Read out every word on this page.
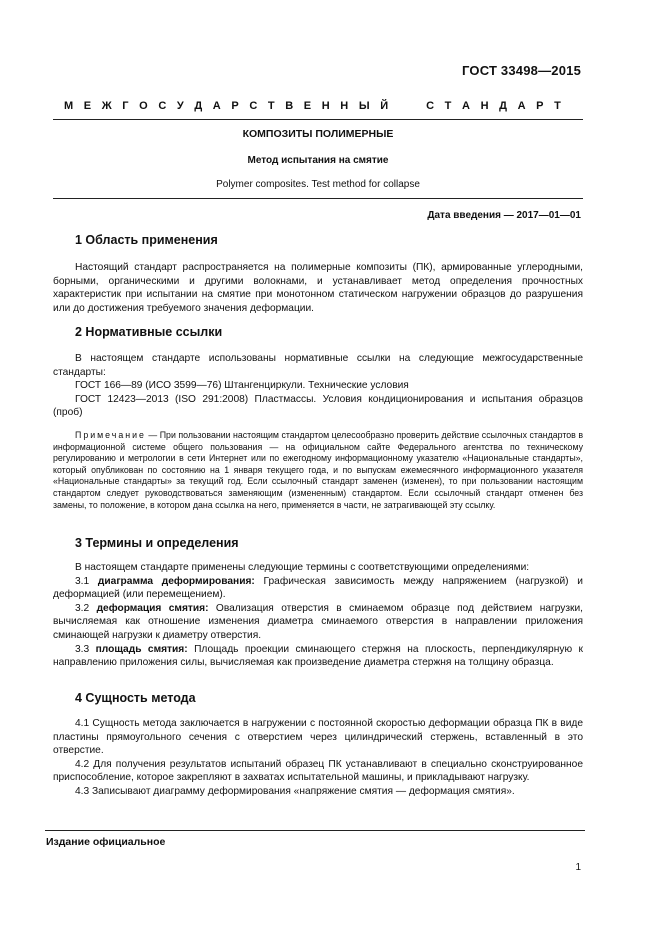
ГОСТ 33498—2015
М Е Ж Г О С У Д А Р С Т В Е Н Н Ы Й

	С Т А Н Д А Р Т
КОМПОЗИТЫ ПОЛИМЕРНЫЕ
Метод испытания на смятие
Polymer composites. Test method for collapse
Дата введения — 2017—01—01
1 Область применения

Настоящий стандарт распространяется на полимерные композиты (ПК), армированные углеродными, борными, органическими и другими волокнами, и устанавливает метод определения прочностных характеристик при испытании на смятие при монотонном статическом нагружении образцов до разрушения или до достижения требуемого значения деформации.

2 Нормативные ссылки

В настоящем стандарте использованы нормативные ссылки на следующие межгосударственные стандарты:

ГОСТ 166—89 (ИСО 3599—76) Штангенциркули. Технические условия

ГОСТ 12423—2013 (ISO 291:2008) Пластмассы. Условия кондиционирования и испытания образцов (проб)

Примечание — При пользовании настоящим стандартом целесообразно проверить действие ссылочных стандартов в информационной системе общего пользования — на официальном сайте Федерального агентства по техническому регулированию и метрологии в сети Интернет или по ежегодному информационному указателю «Национальные стандарты», который опубликован по состоянию на 1 января текущего года, и по выпускам ежемесячного информационного указателя «Национальные стандарты» за текущий год. Если ссылочный стандарт заменен (изменен), то при пользовании настоящим стандартом следует руководствоваться заменяющим (измененным) стандартом. Если ссылочный стандарт отменен без замены, то положение, в котором дана ссылка на него, применяется в части, не затрагивающей эту ссылку.

3 Термины и определения

В настоящем стандарте применены следующие термины с соответствующими определениями:

3.1 диаграмма деформирования: Графическая зависимость между напряжением (нагрузкой) и деформацией (или перемещением).

3.2 деформация смятия: Овализация отверстия в сминаемом образце под действием нагрузки, вычисляемая как отношение изменения диаметра сминаемого отверстия в направлении приложения сминающей нагрузки к диаметру отверстия.

3.3 площадь смятия: Площадь проекции сминающего стержня на плоскость, перпендикулярную к направлению приложения силы, вычисляемая как произведение диаметра стержня на толщину образца.

4 Сущность метода

4.1 Сущность метода заключается в нагружении с постоянной скоростью деформации образца ПК в виде пластины прямоугольного сечения с отверстием через цилиндрический стержень, вставленный в это отверстие.

4.2 Для получения результатов испытаний образец ПК устанавливают в специально сконструированное приспособление, которое закрепляют в захватах испытательной машины, и прикладывают нагрузку.

4.3 Записывают диаграмму деформирования «напряжение смятия — деформация смятия».

Издание официальное
1
